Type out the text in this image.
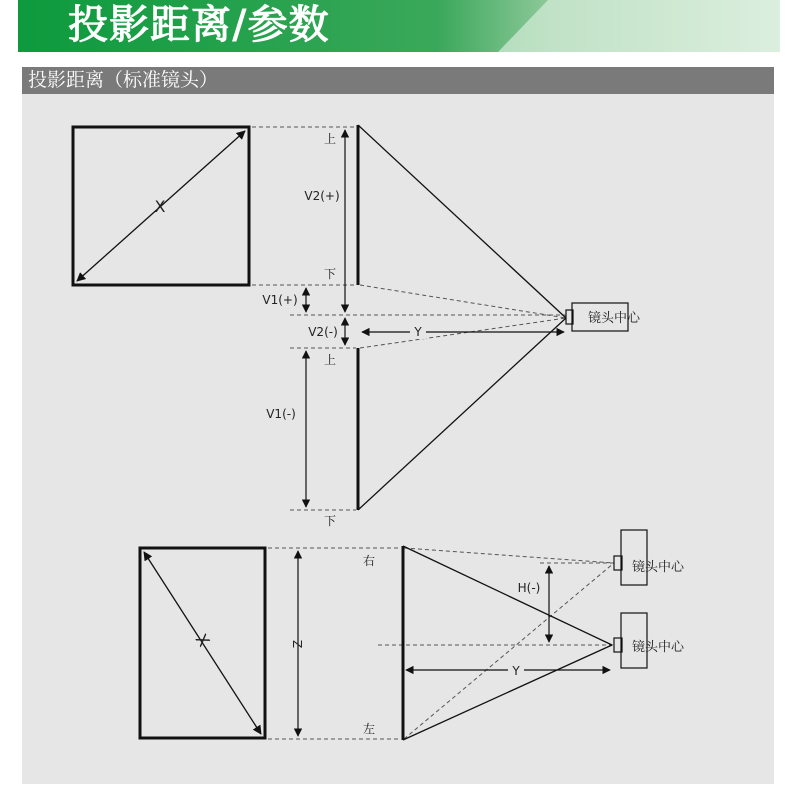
投影距离/参数
投影距离（标准镜头）
X
上
下
上
下
V2(+)
V1(+)
V2(-)
V1(-)
Y
镜头中心
X
右
左
Z
H(-)
Y
镜头中心
镜头中心
